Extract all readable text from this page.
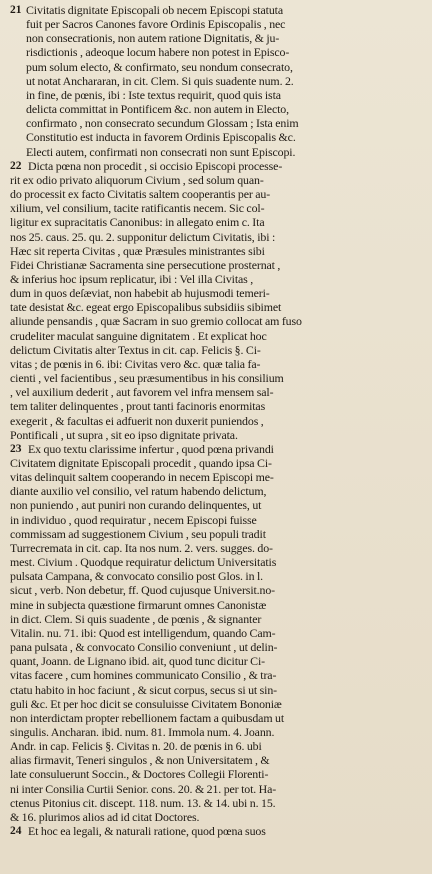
21 Civitatis dignitate Episcopali ob necem Episcopi statuta
fuit per Sacros Canones favore Ordinis Episcopalis , nec
non consecrationis, non autem ratione Dignitatis, & ju-
risdictionis , adeoque locum habere non potest in Episco-
pum solum electo, & confirmato, seu nondum consecrato,
ut notat Anchararan, in cit. Clem. Si quis suadente num. 2.
in fine, de pœnis, ibi : Iste textus requirit, quod quis ista
delicta committat in Pontificem &c. non autem in Electo,
confirmato , non consecrato secundum Glossam ; Ista enim
Constitutio est inducta in favorem Ordinis Episcopalis &c.
Electi autem, confirmati non consecrati non sunt Episcopi.
22 Dicta pœna non procedit , si occisio Episcopi processe-
rit ex odio privato aliquorum Civium , sed solum quan-
do processit ex facto Civitatis saltem cooperantis per au-
xilium, vel consilium, tacite ratificantis necem. Sic col-
ligitur ex supracitatis Canonibus: in allegato enim c. Ita
nos 25. caus. 25. qu. 2. supponitur delictum Civitatis, ibi :
Hæc sit reperta Civitas , quæ Præsules ministrantes sibi
Fidei Christianæ Sacramenta sine persecutione prosternat ,
& inferius hoc ipsum replicatur, ibi : Vel illa Civitas ,
dum in quos deſæviat, non habebit ab hujusmodi temeri-
tate desistat &c. egeat ergo Episcopalibus subsidiis sibimet
aliunde pensandis , quæ Sacram in suo gremio collocat am fuso
crudeliter maculat sanguine dignitatem . Et explicat hoc
delictum Civitatis alter Textus in cit. cap. Felicis §. Ci-
vitas ; de pœnis in 6. ibi: Civitas vero &c. quæ talia fa-
cienti , vel facientibus , seu præsumentibus in his consilium
, vel auxilium dederit , aut favorem vel infra mensem sal-
tem taliter delinquentes , prout tanti facinoris enormitas
exegerit , & facultas ei adfuerit non duxerit puniendos ,
Pontificali , ut supra , sit eo ipso dignitate privata.
23 Ex quo textu clarissime infertur , quod pœna privandi
Civitatem dignitate Episcopali procedit , quando ipsa Ci-
vitas delinquit saltem cooperando in necem Episcopi me-
diante auxilio vel consilio, vel ratum habendo delictum,
non puniendo , aut puniri non curando delinquentes, ut
in individuo , quod requiratur , necem Episcopi fuisse
commissam ad suggestionem Civium , seu populi tradit
Turrecremata in cit. cap. Ita nos num. 2. vers. sugges. do-
mest. Civium . Quodque requiratur delictum Universitatis
pulsata Campana, & convocato consilio post Glos. in l.
sicut , verb. Non debetur, ff. Quod cujusque Universit.no-
mine in subjecta quæstione firmarunt omnes Canonistæ
in dict. Clem. Si quis suadente , de pœnis , & signanter
Vitalin. nu. 71. ibi: Quod est intelligendum, quando Cam-
pana pulsata , & convocato Consilio conveniunt , ut delin-
quant, Joann. de Lignano ibid. ait, quod tunc dicitur Ci-
vitas facere , cum homines communicato Consilio , & tra-
ctatu habito in hoc faciunt , & sicut corpus, secus si ut sin-
guli &c. Et per hoc dicit se consuluisse Civitatem Bononiæ
non interdictam propter rebellionem factam a quibusdam ut
singulis. Ancharan. ibid. num. 81. Immola num. 4. Joann.
Andr. in cap. Felicis §. Civitas n. 20. de pœnis in 6. ubi
alias firmavit, Teneri singulos , & non Universitatem , &
late consuluerunt Soccin., & Doctores Collegii Florenti-
ni inter Consilia Curtii Senior. cons. 20. & 21. per tot. Ha-
ctenus Pitonius cit. discept. 118. num. 13. & 14. ubi n. 15.
& 16. plurimos alios ad id citat Doctores.
24 Et hoc ea legali, & naturali ratione, quod pœna suos
